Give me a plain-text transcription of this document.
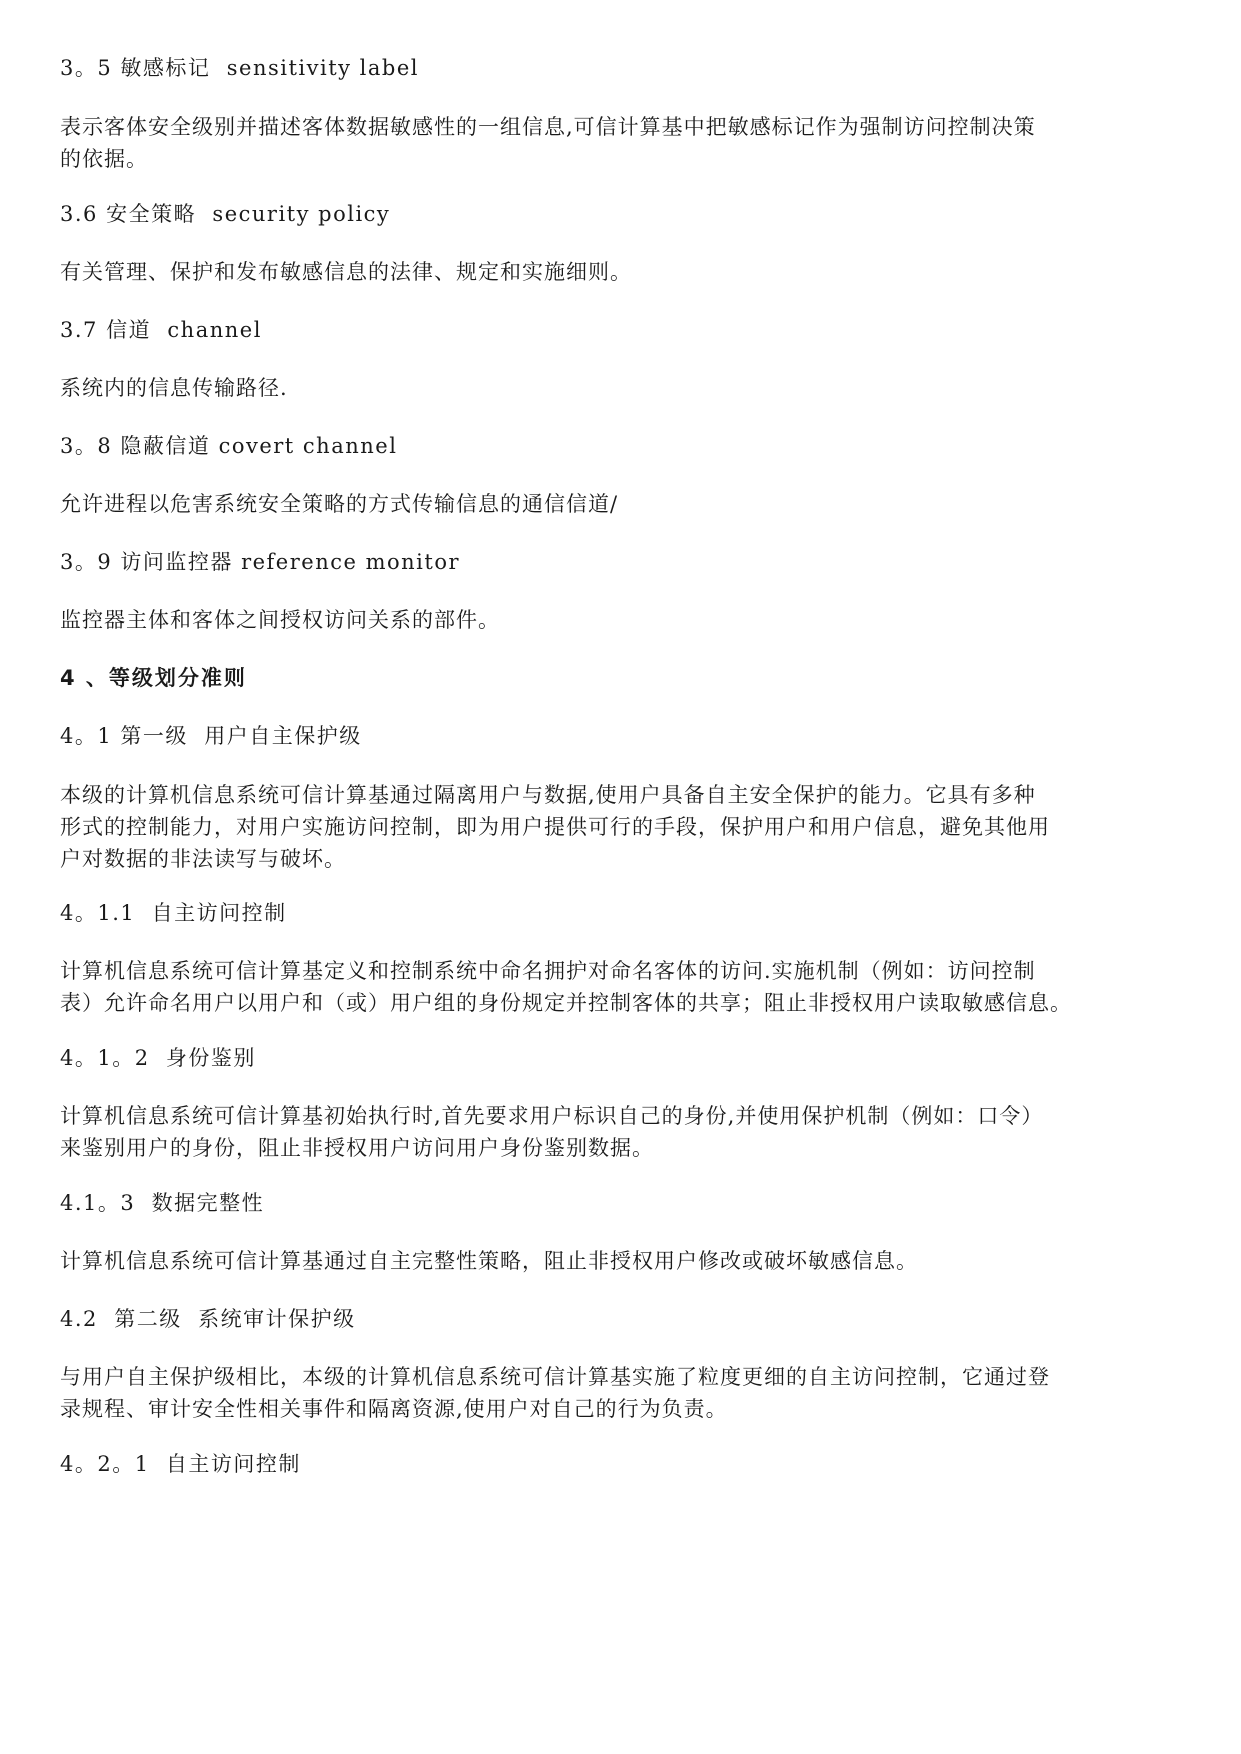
3。5 敏感标记  sensitivity label
表示客体安全级别并描述客体数据敏感性的一组信息,可信计算基中把敏感标记作为强制访问控制决策
的依据。
3.6 安全策略  security policy
有关管理、保护和发布敏感信息的法律、规定和实施细则。
3.7 信道  channel
系统内的信息传输路径.
3。8 隐蔽信道 covert channel
允许进程以危害系统安全策略的方式传输信息的通信信道/
3。9 访问监控器 reference monitor
监控器主体和客体之间授权访问关系的部件。
4 、等级划分准则
4。1 第一级  用户自主保护级
本级的计算机信息系统可信计算基通过隔离用户与数据,使用户具备自主安全保护的能力。它具有多种
形式的控制能力，对用户实施访问控制，即为用户提供可行的手段，保护用户和用户信息，避免其他用
户对数据的非法读写与破坏。
4。1.1  自主访问控制
计算机信息系统可信计算基定义和控制系统中命名拥护对命名客体的访问.实施机制（例如：访问控制
表）允许命名用户以用户和（或）用户组的身份规定并控制客体的共享；阻止非授权用户读取敏感信息。
4。1。2  身份鉴别
计算机信息系统可信计算基初始执行时,首先要求用户标识自己的身份,并使用保护机制（例如：口令）
来鉴别用户的身份，阻止非授权用户访问用户身份鉴别数据。
4.1。3  数据完整性
计算机信息系统可信计算基通过自主完整性策略，阻止非授权用户修改或破坏敏感信息。
4.2  第二级  系统审计保护级
与用户自主保护级相比，本级的计算机信息系统可信计算基实施了粒度更细的自主访问控制，它通过登
录规程、审计安全性相关事件和隔离资源,使用户对自己的行为负责。
4。2。1  自主访问控制
